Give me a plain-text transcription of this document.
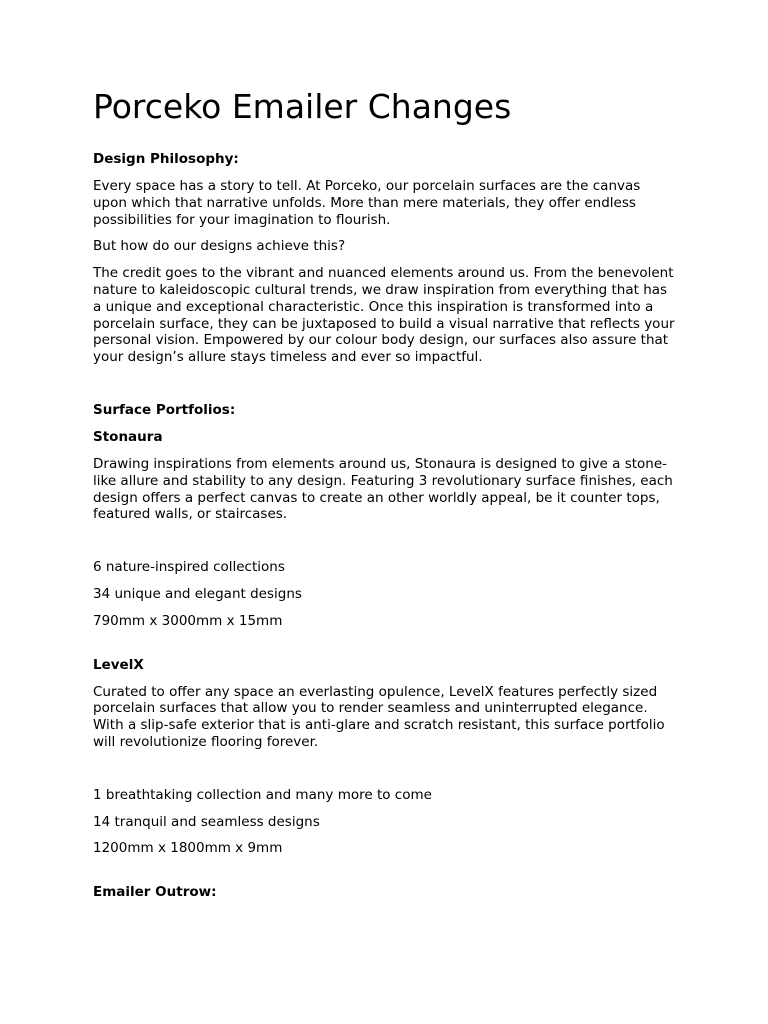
Porceko Emailer Changes
Design Philosophy:

Every space has a story to tell. At Porceko, our porcelain surfaces are the canvas upon which that narrative unfolds. More than mere materials, they offer endless possibilities for your imagination to flourish.

But how do our designs achieve this?

The credit goes to the vibrant and nuanced elements around us. From the benevolent nature to kaleidoscopic cultural trends, we draw inspiration from everything that has a unique and exceptional characteristic. Once this inspiration is transformed into a porcelain surface, they can be juxtaposed to build a visual narrative that reflects your personal vision. Empowered by our colour body design, our surfaces also assure that your design’s allure stays timeless and ever so impactful.

Surface Portfolios:
Stonaura

Drawing inspirations from elements around us, Stonaura is designed to give a stone-like allure and stability to any design. Featuring 3 revolutionary surface finishes, each design offers a perfect canvas to create an other worldly appeal, be it counter tops, featured walls, or staircases.

6 nature-inspired collections

34 unique and elegant designs

790mm x 3000mm x 15mm

LevelX

Curated to offer any space an everlasting opulence, LevelX features perfectly sized porcelain surfaces that allow you to render seamless and uninterrupted elegance. With a slip-safe exterior that is anti-glare and scratch resistant, this surface portfolio will revolutionize flooring forever.

1 breathtaking collection and many more to come

14 tranquil and seamless designs

1200mm x 1800mm x 9mm

Emailer Outrow:
